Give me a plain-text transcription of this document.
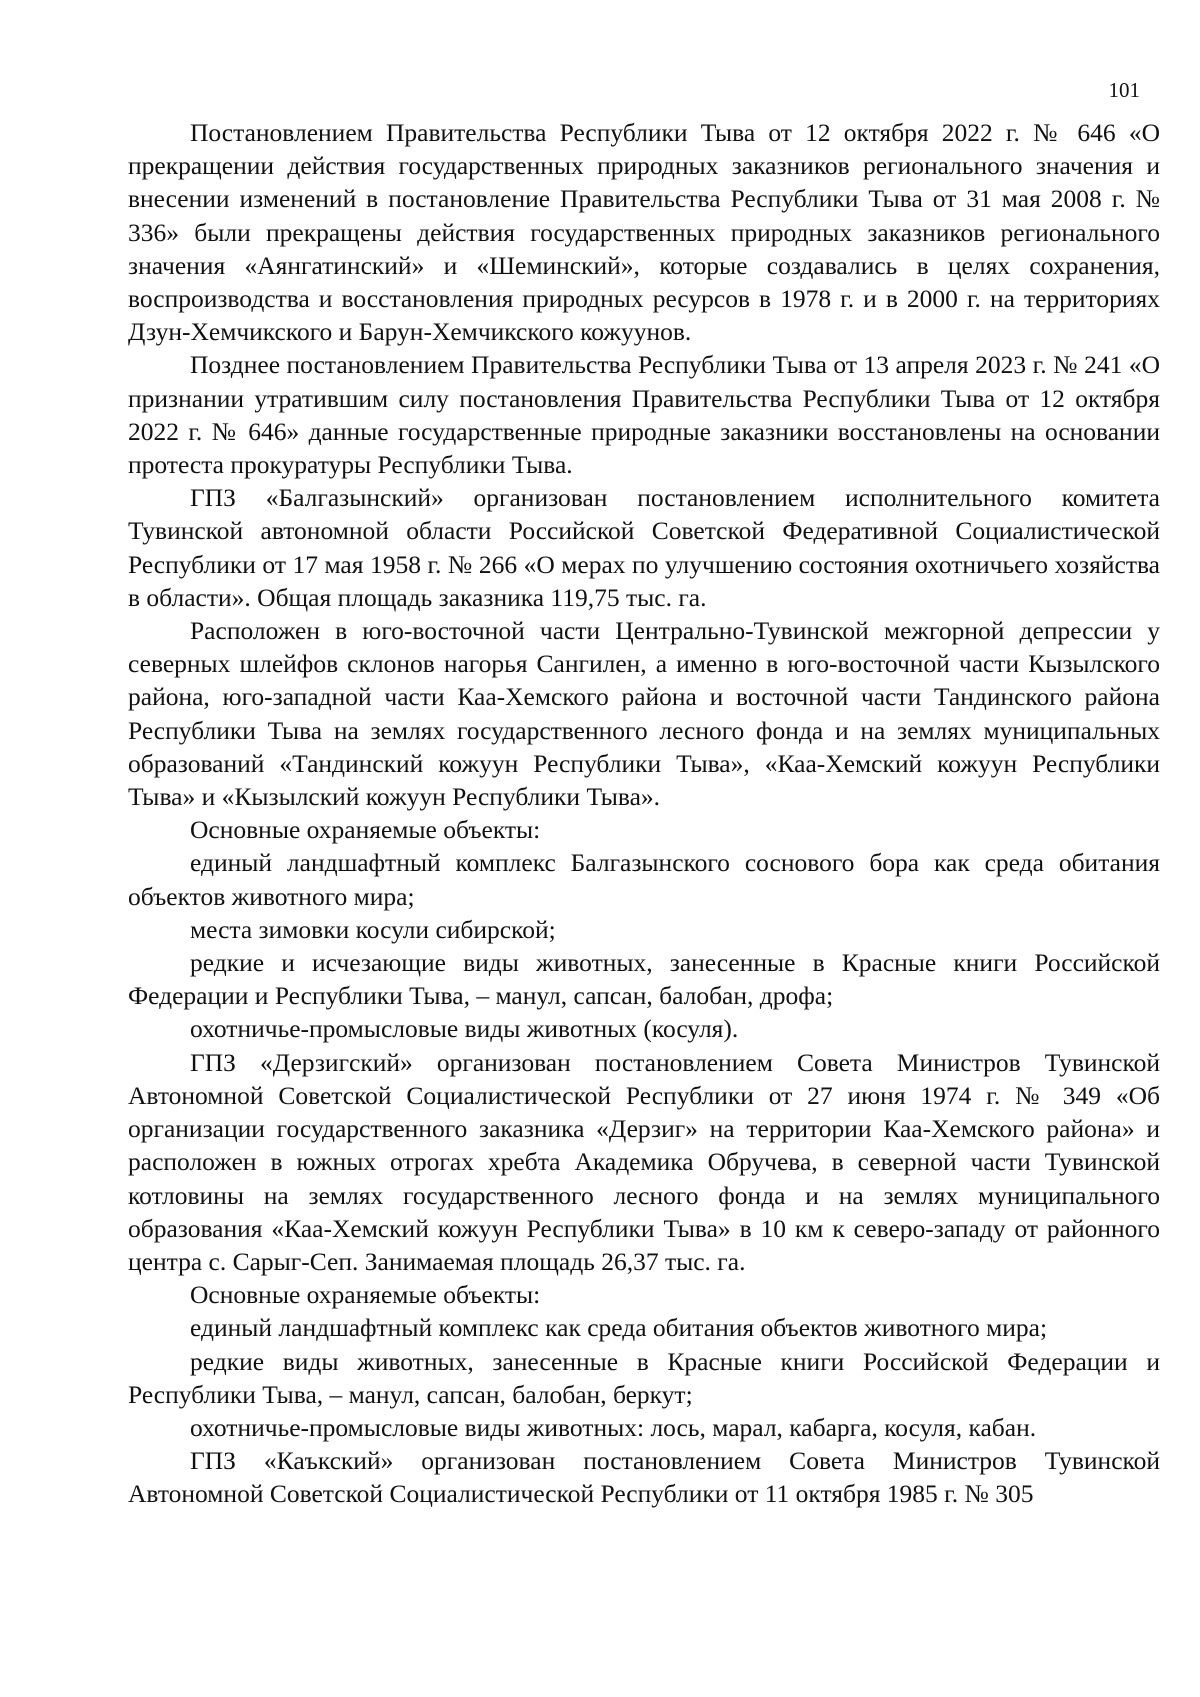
101

Постановлением Правительства Республики Тыва от 12 октября 2022 г. № 646 «О прекращении действия государственных природных заказников регионального значения и внесении изменений в постановление Правительства Республики Тыва от 31 мая 2008 г. № 336» были прекращены действия государственных природных заказников регионального значения «Аянгатинский» и «Шеминский», которые создавались в целях сохранения, воспроизводства и восстановления природных ресурсов в 1978 г. и в 2000 г. на территориях Дзун-Хемчикского и Барун-Хемчикского кожуунов.

Позднее постановлением Правительства Республики Тыва от 13 апреля 2023 г. № 241 «О признании утратившим силу постановления Правительства Республики Тыва от 12 октября 2022 г. № 646» данные государственные природные заказники восстановлены на основании протеста прокуратуры Республики Тыва.

ГПЗ «Балгазынский» организован постановлением исполнительного комитета Тувинской автономной области Российской Советской Федеративной Социалистической Республики от 17 мая 1958 г. № 266 «О мерах по улучшению состояния охотничьего хозяйства в области». Общая площадь заказника 119,75 тыс. га.

Расположен в юго-восточной части Центрально-Тувинской межгорной депрессии у северных шлейфов склонов нагорья Сангилен, а именно в юго-восточной части Кызылского района, юго-западной части Каа-Хемского района и восточной части Тандинского района Республики Тыва на землях государственного лесного фонда и на землях муниципальных образований «Тандинский кожуун Республики Тыва», «Каа-Хемский кожуун Республики Тыва» и «Кызылский кожуун Республики Тыва».

Основные охраняемые объекты:

единый ландшафтный комплекс Балгазынского соснового бора как среда обитания объектов животного мира;

места зимовки косули сибирской;

редкие и исчезающие виды животных, занесенные в Красные книги Российской Федерации и Республики Тыва, – манул, сапсан, балобан, дрофа;

охотничье-промысловые виды животных (косуля).

ГПЗ «Дерзигский» организован постановлением Совета Министров Тувинской Автономной Советской Социалистической Республики от 27 июня 1974 г. № 349 «Об организации государственного заказника «Дерзиг» на территории Каа-Хемского района» и расположен в южных отрогах хребта Академика Обручева, в северной части Тувинской котловины на землях государственного лесного фонда и на землях муниципального образования «Каа-Хемский кожуун Республики Тыва» в 10 км к северо-западу от районного центра с. Сарыг-Сеп. Занимаемая площадь 26,37 тыс. га.

Основные охраняемые объекты:

единый ландшафтный комплекс как среда обитания объектов животного мира;

редкие виды животных, занесенные в Красные книги Российской Федерации и Республики Тыва, – манул, сапсан, балобан, беркут;

охотничье-промысловые виды животных: лось, марал, кабарга, косуля, кабан.

ГПЗ «Каъкский» организован постановлением Совета Министров Тувинской Автономной Советской Социалистической Республики от 11 октября 1985 г. № 305
